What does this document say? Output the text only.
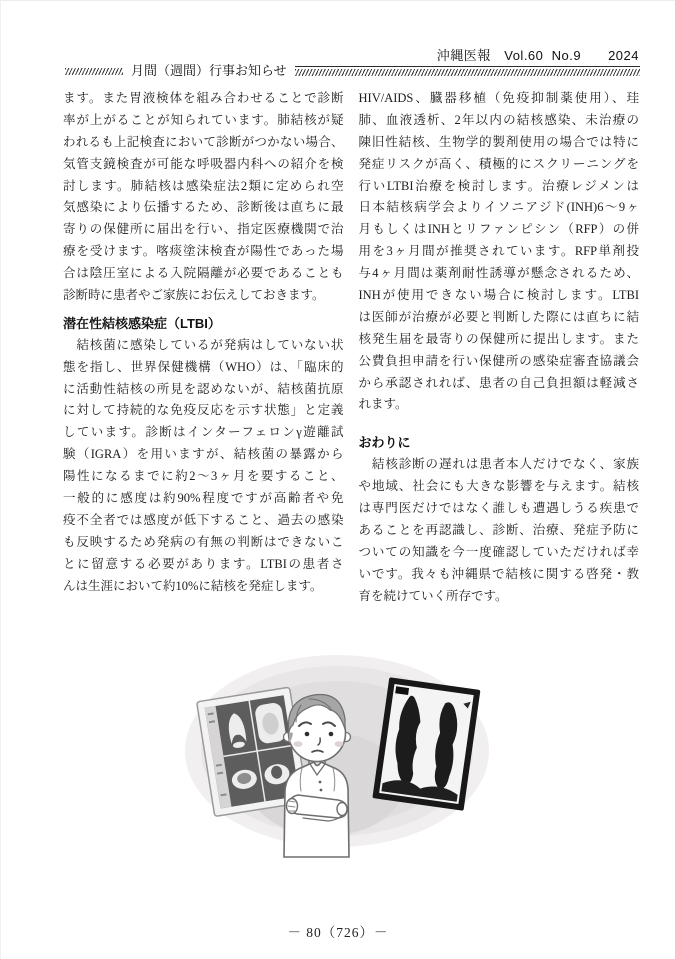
沖縄医報　Vol.60  No.9　　2024
月間（週間）行事お知らせ
ます。また胃液検体を組み合わせることで診断
率が上がることが知られています。肺結核が疑
われるも上記検査において診断がつかない場合、
気管支鏡検査が可能な呼吸器内科への紹介を検
討します。肺結核は感染症法2類に定められ空
気感染により伝播するため、診断後は直ちに最
寄りの保健所に届出を行い、指定医療機関で治
療を受けます。喀痰塗沫検査が陽性であった場
合は陰圧室による入院隔離が必要であることも
診断時に患者やご家族にお伝えしておきます。
潜在性結核感染症（LTBI）
　結核菌に感染しているが発病はしていない状
態を指し、世界保健機構（WHO）は、「臨床的
に活動性結核の所見を認めないが、結核菌抗原
に対して持続的な免疫反応を示す状態」と定義
しています。診断はインターフェロンγ遊離試
験（IGRA）を用いますが、結核菌の暴露から
陽性になるまでに約2～3ヶ月を要すること、
一般的に感度は約90%程度ですが高齢者や免
疫不全者では感度が低下すること、過去の感染
も反映するため発病の有無の判断はできないこ
とに留意する必要があります。LTBIの患者さ
んは生涯において約10%に結核を発症します。
HIV/AIDS、臓器移植（免疫抑制薬使用）、珪
肺、血液透析、2年以内の結核感染、未治療の
陳旧性結核、生物学的製剤使用の場合では特に
発症リスクが高く、積極的にスクリーニングを
行いLTBI治療を検討します。治療レジメンは
日本結核病学会よりイソニアジド(INH)6～9ヶ
月もしくはINHとリファンピシン（RFP）の併
用を3ヶ月間が推奨されています。RFP単剤投
与4ヶ月間は薬剤耐性誘導が懸念されるため、
INHが使用できない場合に検討します。LTBI
は医師が治療が必要と判断した際には直ちに結
核発生届を最寄りの保健所に提出します。また
公費負担申請を行い保健所の感染症審査協議会
から承認されれば、患者の自己負担額は軽減さ
れます。
おわりに
　結核診断の遅れは患者本人だけでなく、家族
や地域、社会にも大きな影響を与えます。結核
は専門医だけではなく誰しも遭遇しうる疾患で
あることを再認識し、診断、治療、発症予防に
ついての知識を今一度確認していただければ幸
いです。我々も沖縄県で結核に関する啓発・教
育を続けていく所存です。
－ 80（726）－
